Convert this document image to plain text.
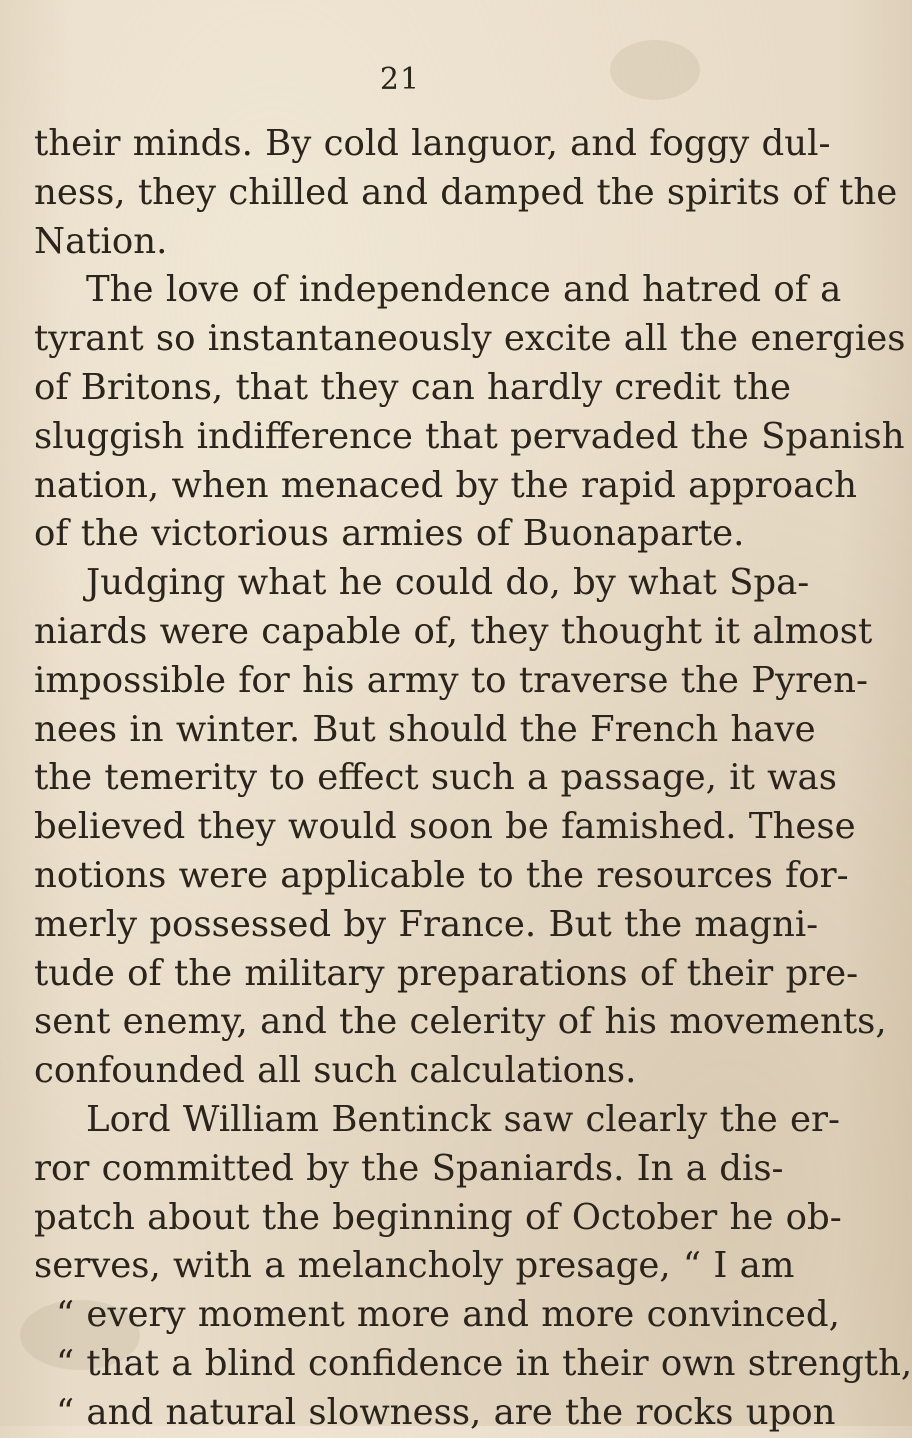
21
their minds. By cold languor, and foggy dul-
ness, they chilled and damped the spirits of the
Nation.
The love of independence and hatred of a
tyrant so instantaneously excite all the energies
of Britons, that they can hardly credit the
sluggish indifference that pervaded the Spanish
nation, when menaced by the rapid approach
of the victorious armies of Buonaparte.
Judging what he could do, by what Spa-
niards were capable of, they thought it almost
impossible for his army to traverse the Pyren-
nees in winter. But should the French have
the temerity to effect such a passage, it was
believed they would soon be famished. These
notions were applicable to the resources for-
merly possessed by France. But the magni-
tude of the military preparations of their pre-
sent enemy, and the celerity of his movements,
confounded all such calculations.
Lord William Bentinck saw clearly the er-
ror committed by the Spaniards. In a dis-
patch about the beginning of October he ob-
serves, with a melancholy presage, “ I am
“ every moment more and more convinced,
“ that a blind confidence in their own strength,
“ and natural slowness, are the rocks upon
